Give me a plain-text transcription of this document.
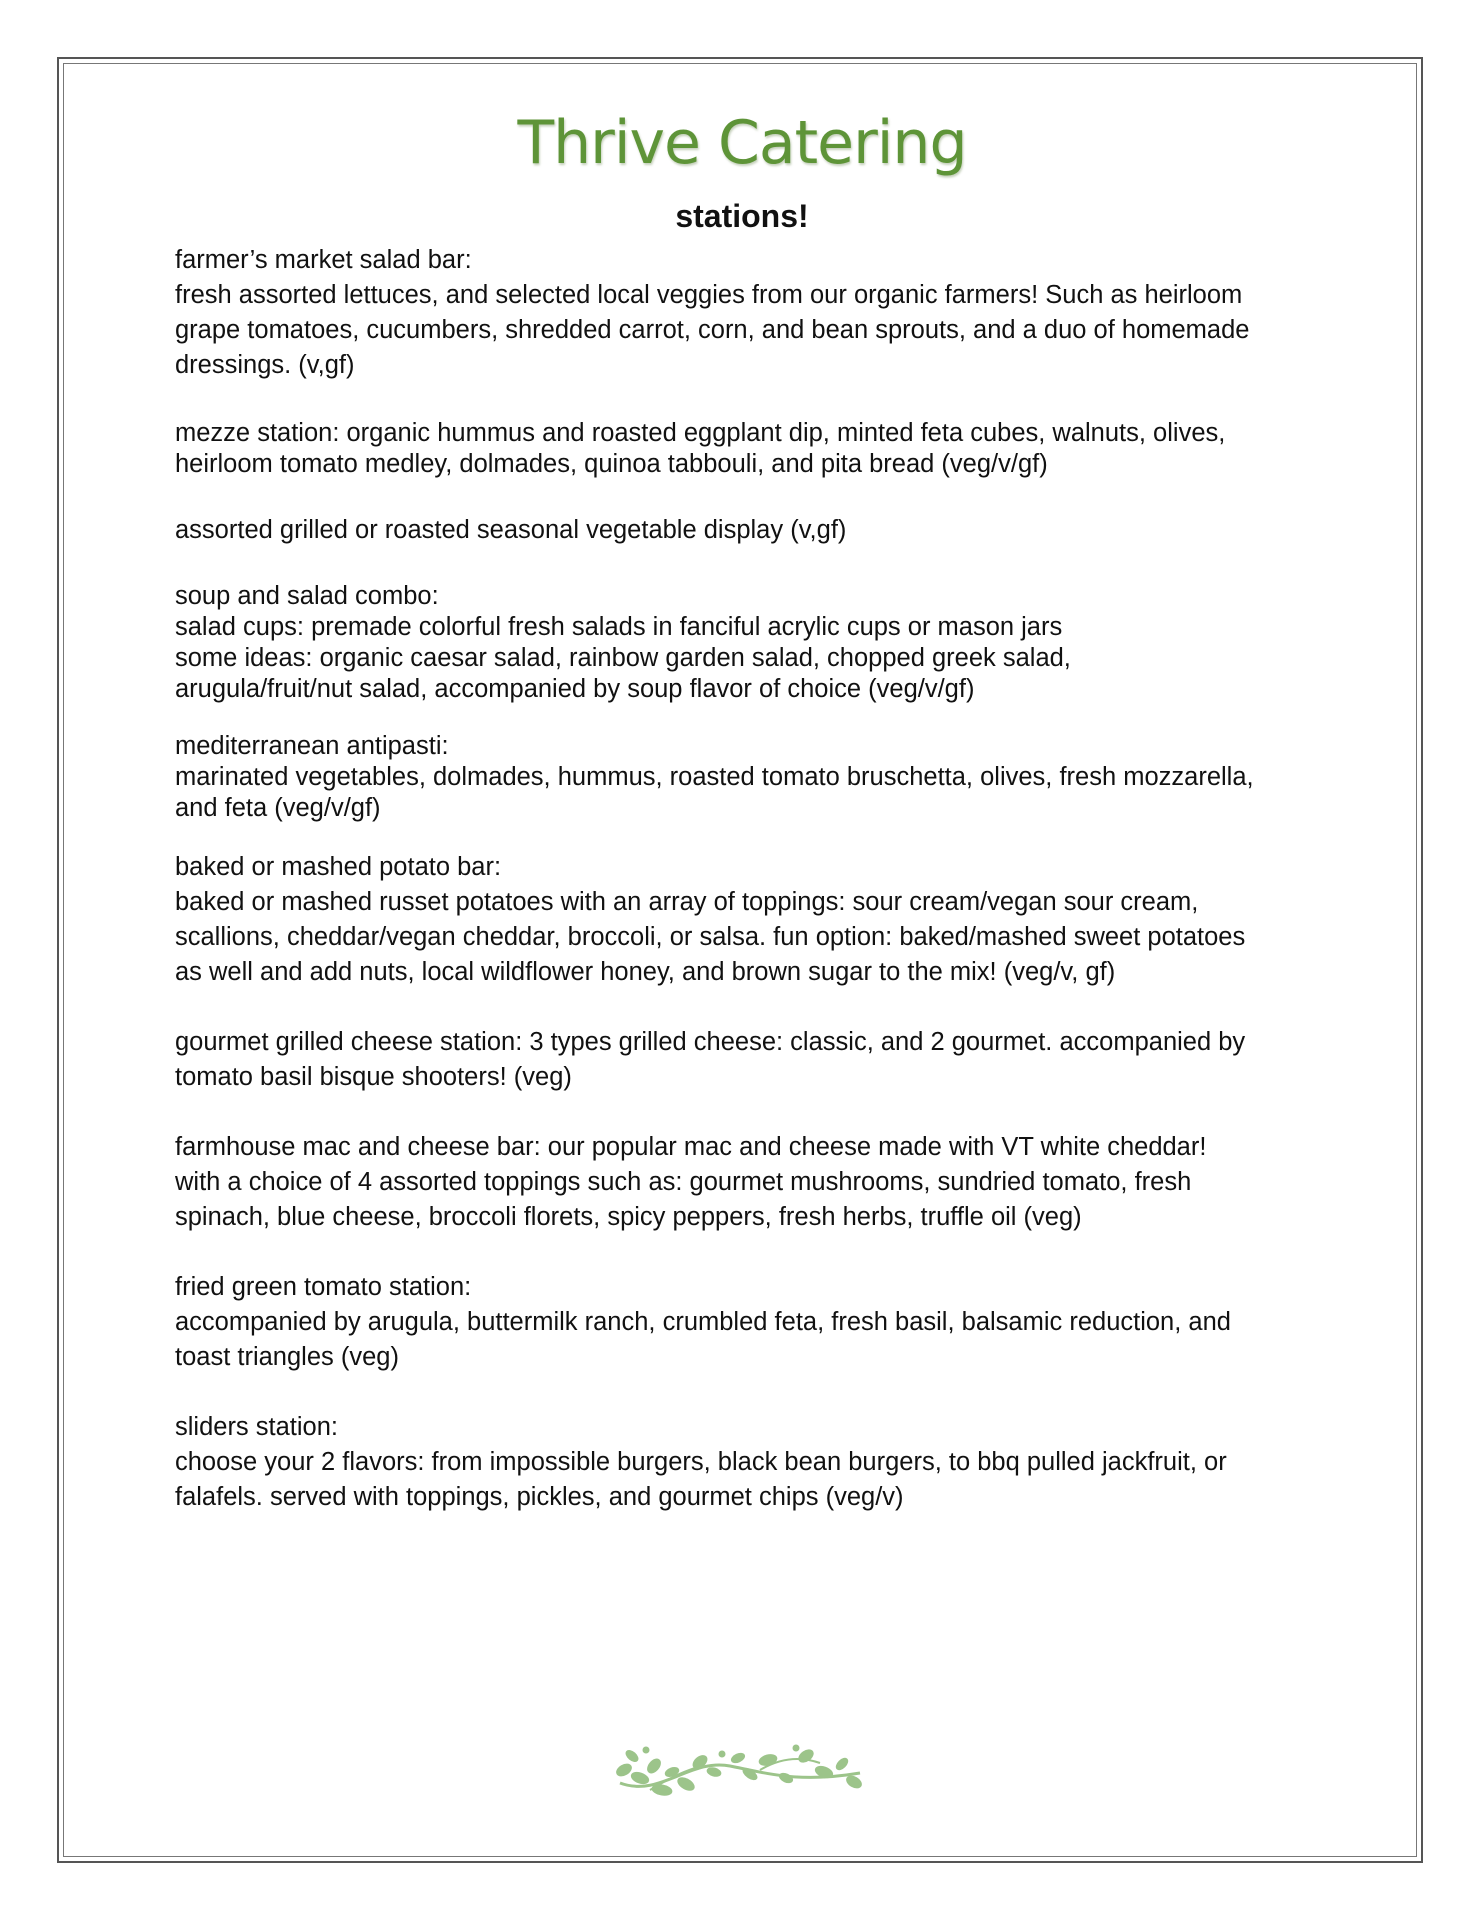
Thrive Catering
stations!
farmer’s market salad bar:
fresh assorted lettuces, and selected local veggies from our organic farmers! Such as heirloom
grape tomatoes, cucumbers, shredded carrot, corn, and bean sprouts, and a duo of homemade
dressings. (v,gf)
mezze station: organic hummus and roasted eggplant dip, minted feta cubes, walnuts, olives,
heirloom tomato medley, dolmades, quinoa tabbouli, and pita bread (veg/v/gf)
assorted grilled or roasted seasonal vegetable display (v,gf)
soup and salad combo:
salad cups: premade colorful fresh salads in fanciful acrylic cups or mason jars
some ideas: organic caesar salad, rainbow garden salad, chopped greek salad,
arugula/fruit/nut salad, accompanied by soup flavor of choice (veg/v/gf)
mediterranean antipasti:
marinated vegetables, dolmades, hummus, roasted tomato bruschetta, olives, fresh mozzarella,
and feta (veg/v/gf)
baked or mashed potato bar:
baked or mashed russet potatoes with an array of toppings: sour cream/vegan sour cream,
scallions, cheddar/vegan cheddar, broccoli, or salsa. fun option: baked/mashed sweet potatoes
as well and add nuts, local wildflower honey, and brown sugar to the mix! (veg/v, gf)
gourmet grilled cheese station: 3 types grilled cheese: classic, and 2 gourmet. accompanied by
tomato basil bisque shooters! (veg)
farmhouse mac and cheese bar: our popular mac and cheese made with VT white cheddar!
with a choice of 4 assorted toppings such as: gourmet mushrooms, sundried tomato, fresh
spinach, blue cheese, broccoli florets, spicy peppers, fresh herbs, truffle oil (veg)
fried green tomato station:
accompanied by arugula, buttermilk ranch, crumbled feta, fresh basil, balsamic reduction, and
toast triangles (veg)
sliders station:
choose your 2 flavors: from impossible burgers, black bean burgers, to bbq pulled jackfruit, or
falafels. served with toppings, pickles, and gourmet chips (veg/v)
